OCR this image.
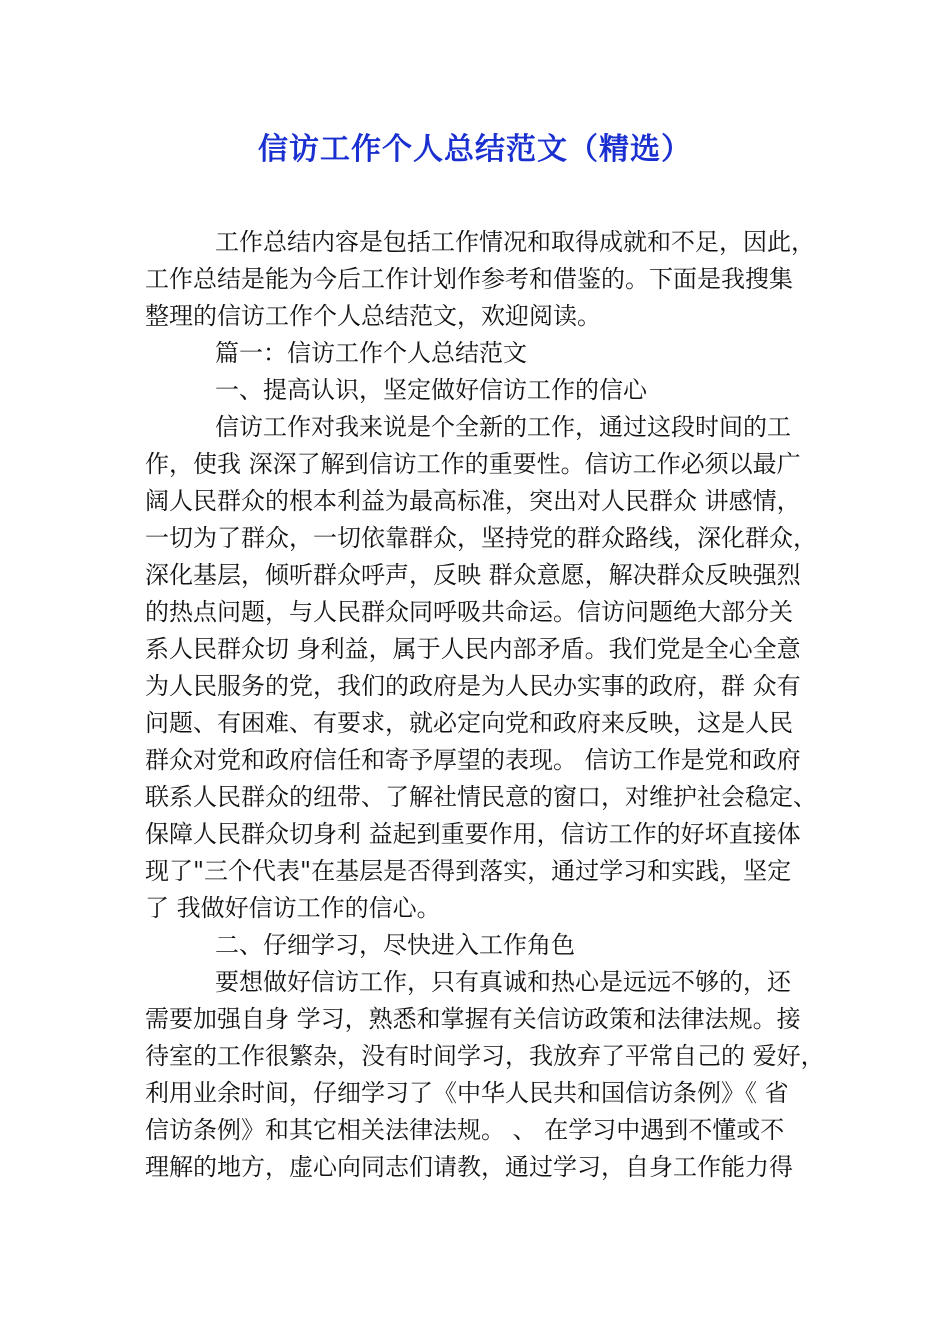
信访工作个人总结范文（精选）
工作总结内容是包括工作情况和取得成就和不足，因此，
工作总结是能为今后工作计划作参考和借鉴的。下面是我搜集
整理的信访工作个人总结范文，欢迎阅读。
篇一：信访工作个人总结范文
一、提高认识，坚定做好信访工作的信心
信访工作对我来说是个全新的工作，通过这段时间的工
作，使我 深深了解到信访工作的重要性。信访工作必须以最广
阔人民群众的根本利益为最高标准，突出对人民群众 讲感情，
一切为了群众，一切依靠群众，坚持党的群众路线，深化群众，
深化基层，倾听群众呼声，反映 群众意愿，解决群众反映强烈
的热点问题，与人民群众同呼吸共命运。信访问题绝大部分关
系人民群众切 身利益，属于人民内部矛盾。我们党是全心全意
为人民服务的党，我们的政府是为人民办实事的政府，群 众有
问题、有困难、有要求，就必定向党和政府来反映，这是人民
群众对党和政府信任和寄予厚望的表现。 信访工作是党和政府
联系人民群众的纽带、了解社情民意的窗口，对维护社会稳定、
保障人民群众切身利 益起到重要作用，信访工作的好坏直接体
现了"三个代表"在基层是否得到落实，通过学习和实践，坚定
了 我做好信访工作的信心。
二、仔细学习，尽快进入工作角色
要想做好信访工作，只有真诚和热心是远远不够的，还
需要加强自身 学习，熟悉和掌握有关信访政策和法律法规。接
待室的工作很繁杂，没有时间学习，我放弃了平常自己的 爱好，
利用业余时间，仔细学习了《中华人民共和国信访条例》《 省
信访条例》和其它相关法律法规。 、 在学习中遇到不懂或不
理解的地方，虚心向同志们请教，通过学习，自身工作能力得
